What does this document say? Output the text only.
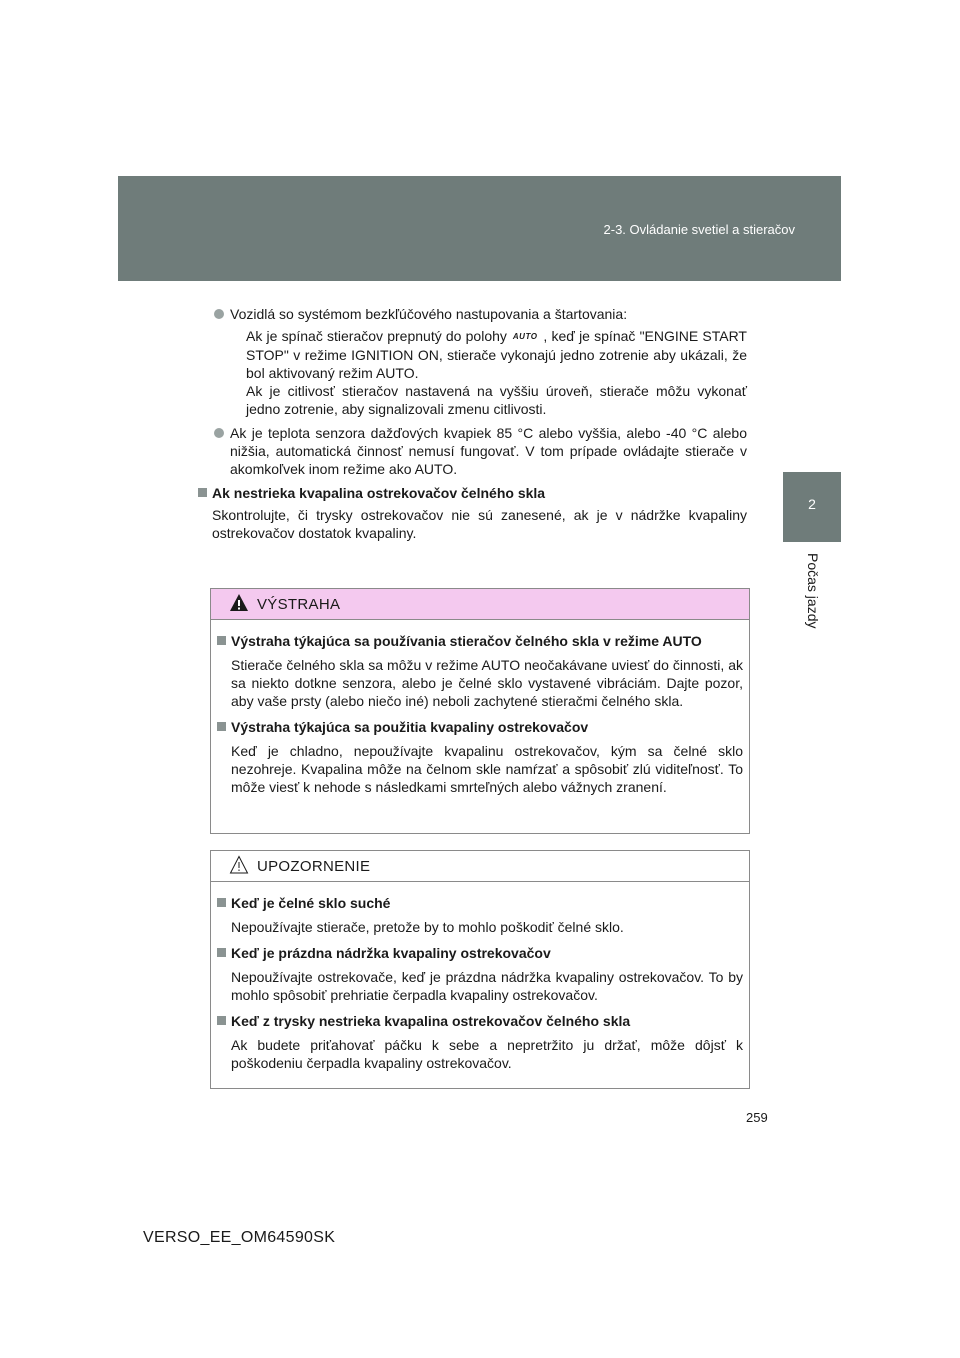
2-3. Ovládanie svetiel a stieračov
2
Počas jazdy
Vozidlá so systémom bezkľúčového nastupovania a štartovania:
Ak je spínač stieračov prepnutý do polohy AUTO , keď je spínač "ENGINE START STOP" v režime IGNITION ON, stierače vykonajú jedno zotrenie aby ukázali, že bol aktivovaný režim AUTO.
Ak je citlivosť stieračov nastavená na vyššiu úroveň, stierače môžu vykonať jedno zotrenie, aby signalizovali zmenu citlivosti.
Ak je teplota senzora dažďových kvapiek 85 °C alebo vyššia, alebo -40 °C alebo nižšia, automatická činnosť nemusí fungovať. V tom prípade ovládajte stierače v akomkoľvek inom režime ako AUTO.
Ak nestrieka kvapalina ostrekovačov čelného skla
Skontrolujte, či trysky ostrekovačov nie sú zanesené, ak je v nádržke kvapaliny ostrekovačov dostatok kvapaliny.
VÝSTRAHA
Výstraha týkajúca sa používania stieračov čelného skla v režime AUTO
Stierače čelného skla sa môžu v režime AUTO neočakávane uviesť do činnosti, ak sa niekto dotkne senzora, alebo je čelné sklo vystavené vibráciám. Dajte pozor, aby vaše prsty (alebo niečo iné) neboli zachytené stieračmi čelného skla.
Výstraha týkajúca sa použitia kvapaliny ostrekovačov
Keď je chladno, nepoužívajte kvapalinu ostrekovačov, kým sa čelné sklo nezohreje. Kvapalina môže na čelnom skle namŕzať a spôsobiť zlú viditeľnosť. To môže viesť k nehode s následkami smrteľných alebo vážnych zranení.
UPOZORNENIE
Keď je čelné sklo suché
Nepoužívajte stierače, pretože by to mohlo poškodiť čelné sklo.
Keď je prázdna nádržka kvapaliny ostrekovačov
Nepoužívajte ostrekovače, keď je prázdna nádržka kvapaliny ostrekovačov. To by mohlo spôsobiť prehriatie čerpadla kvapaliny ostrekovačov.
Keď z trysky nestrieka kvapalina ostrekovačov čelného skla
Ak budete priťahovať páčku k sebe a nepretržito ju držať, môže dôjsť k poškodeniu čerpadla kvapaliny ostrekovačov.
259
VERSO_EE_OM64590SK
